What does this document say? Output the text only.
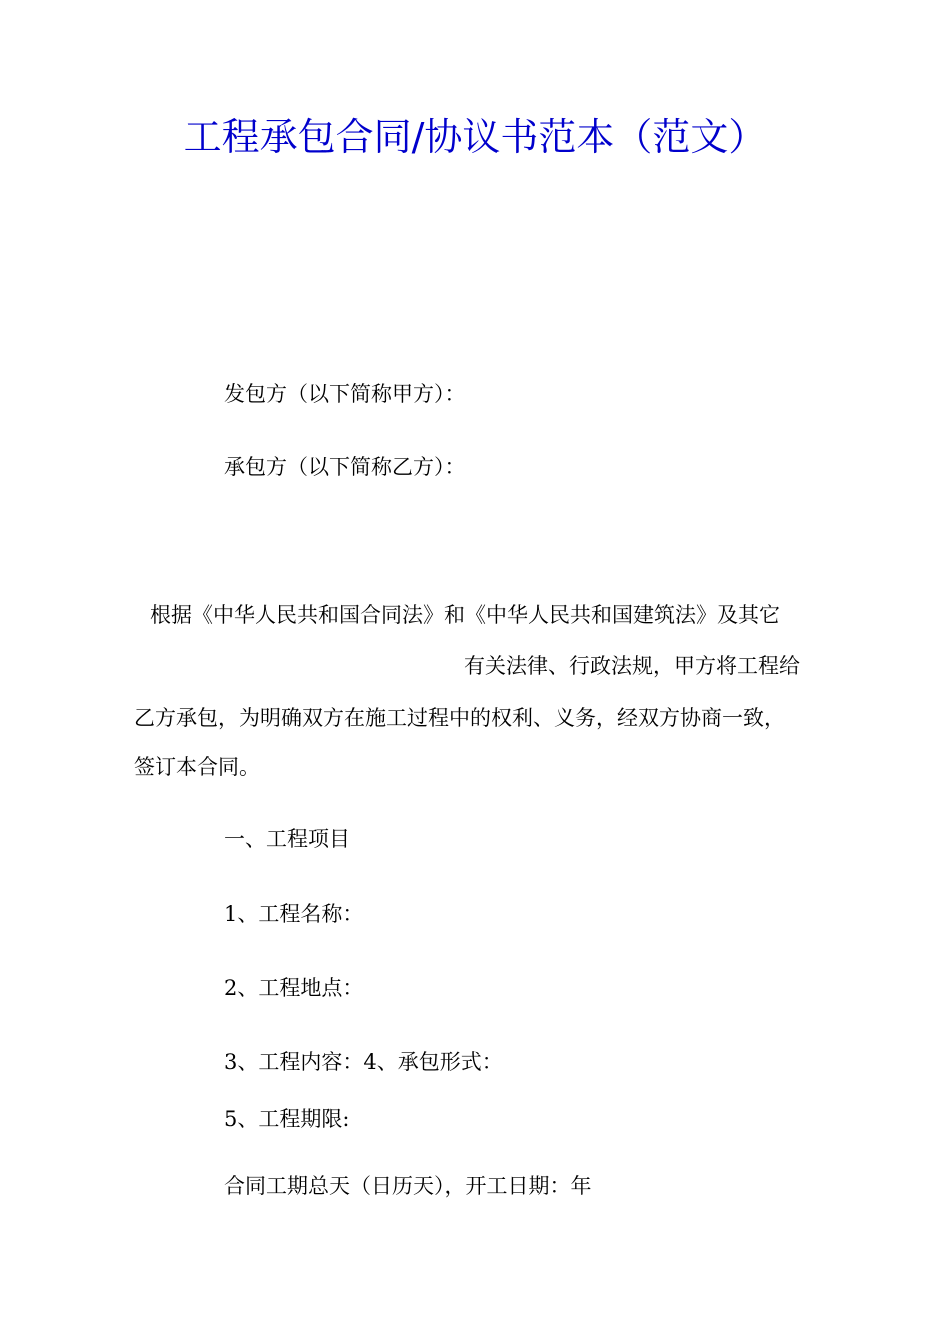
工程承包合同/协议书范本（范文）
发包方（以下简称甲方）：
承包方（以下简称乙方）：
根据《中华人民共和国合同法》和《中华人民共和国建筑法》及其它
有关法律、行政法规，甲方将工程给
乙方承包，为明确双方在施工过程中的权利、义务，经双方协商一致，
签订本合同。
一、工程项目
1、工程名称：
2、工程地点：
3、工程内容：4、承包形式：
5、工程期限:
合同工期总天（日历天），开工日期：年
